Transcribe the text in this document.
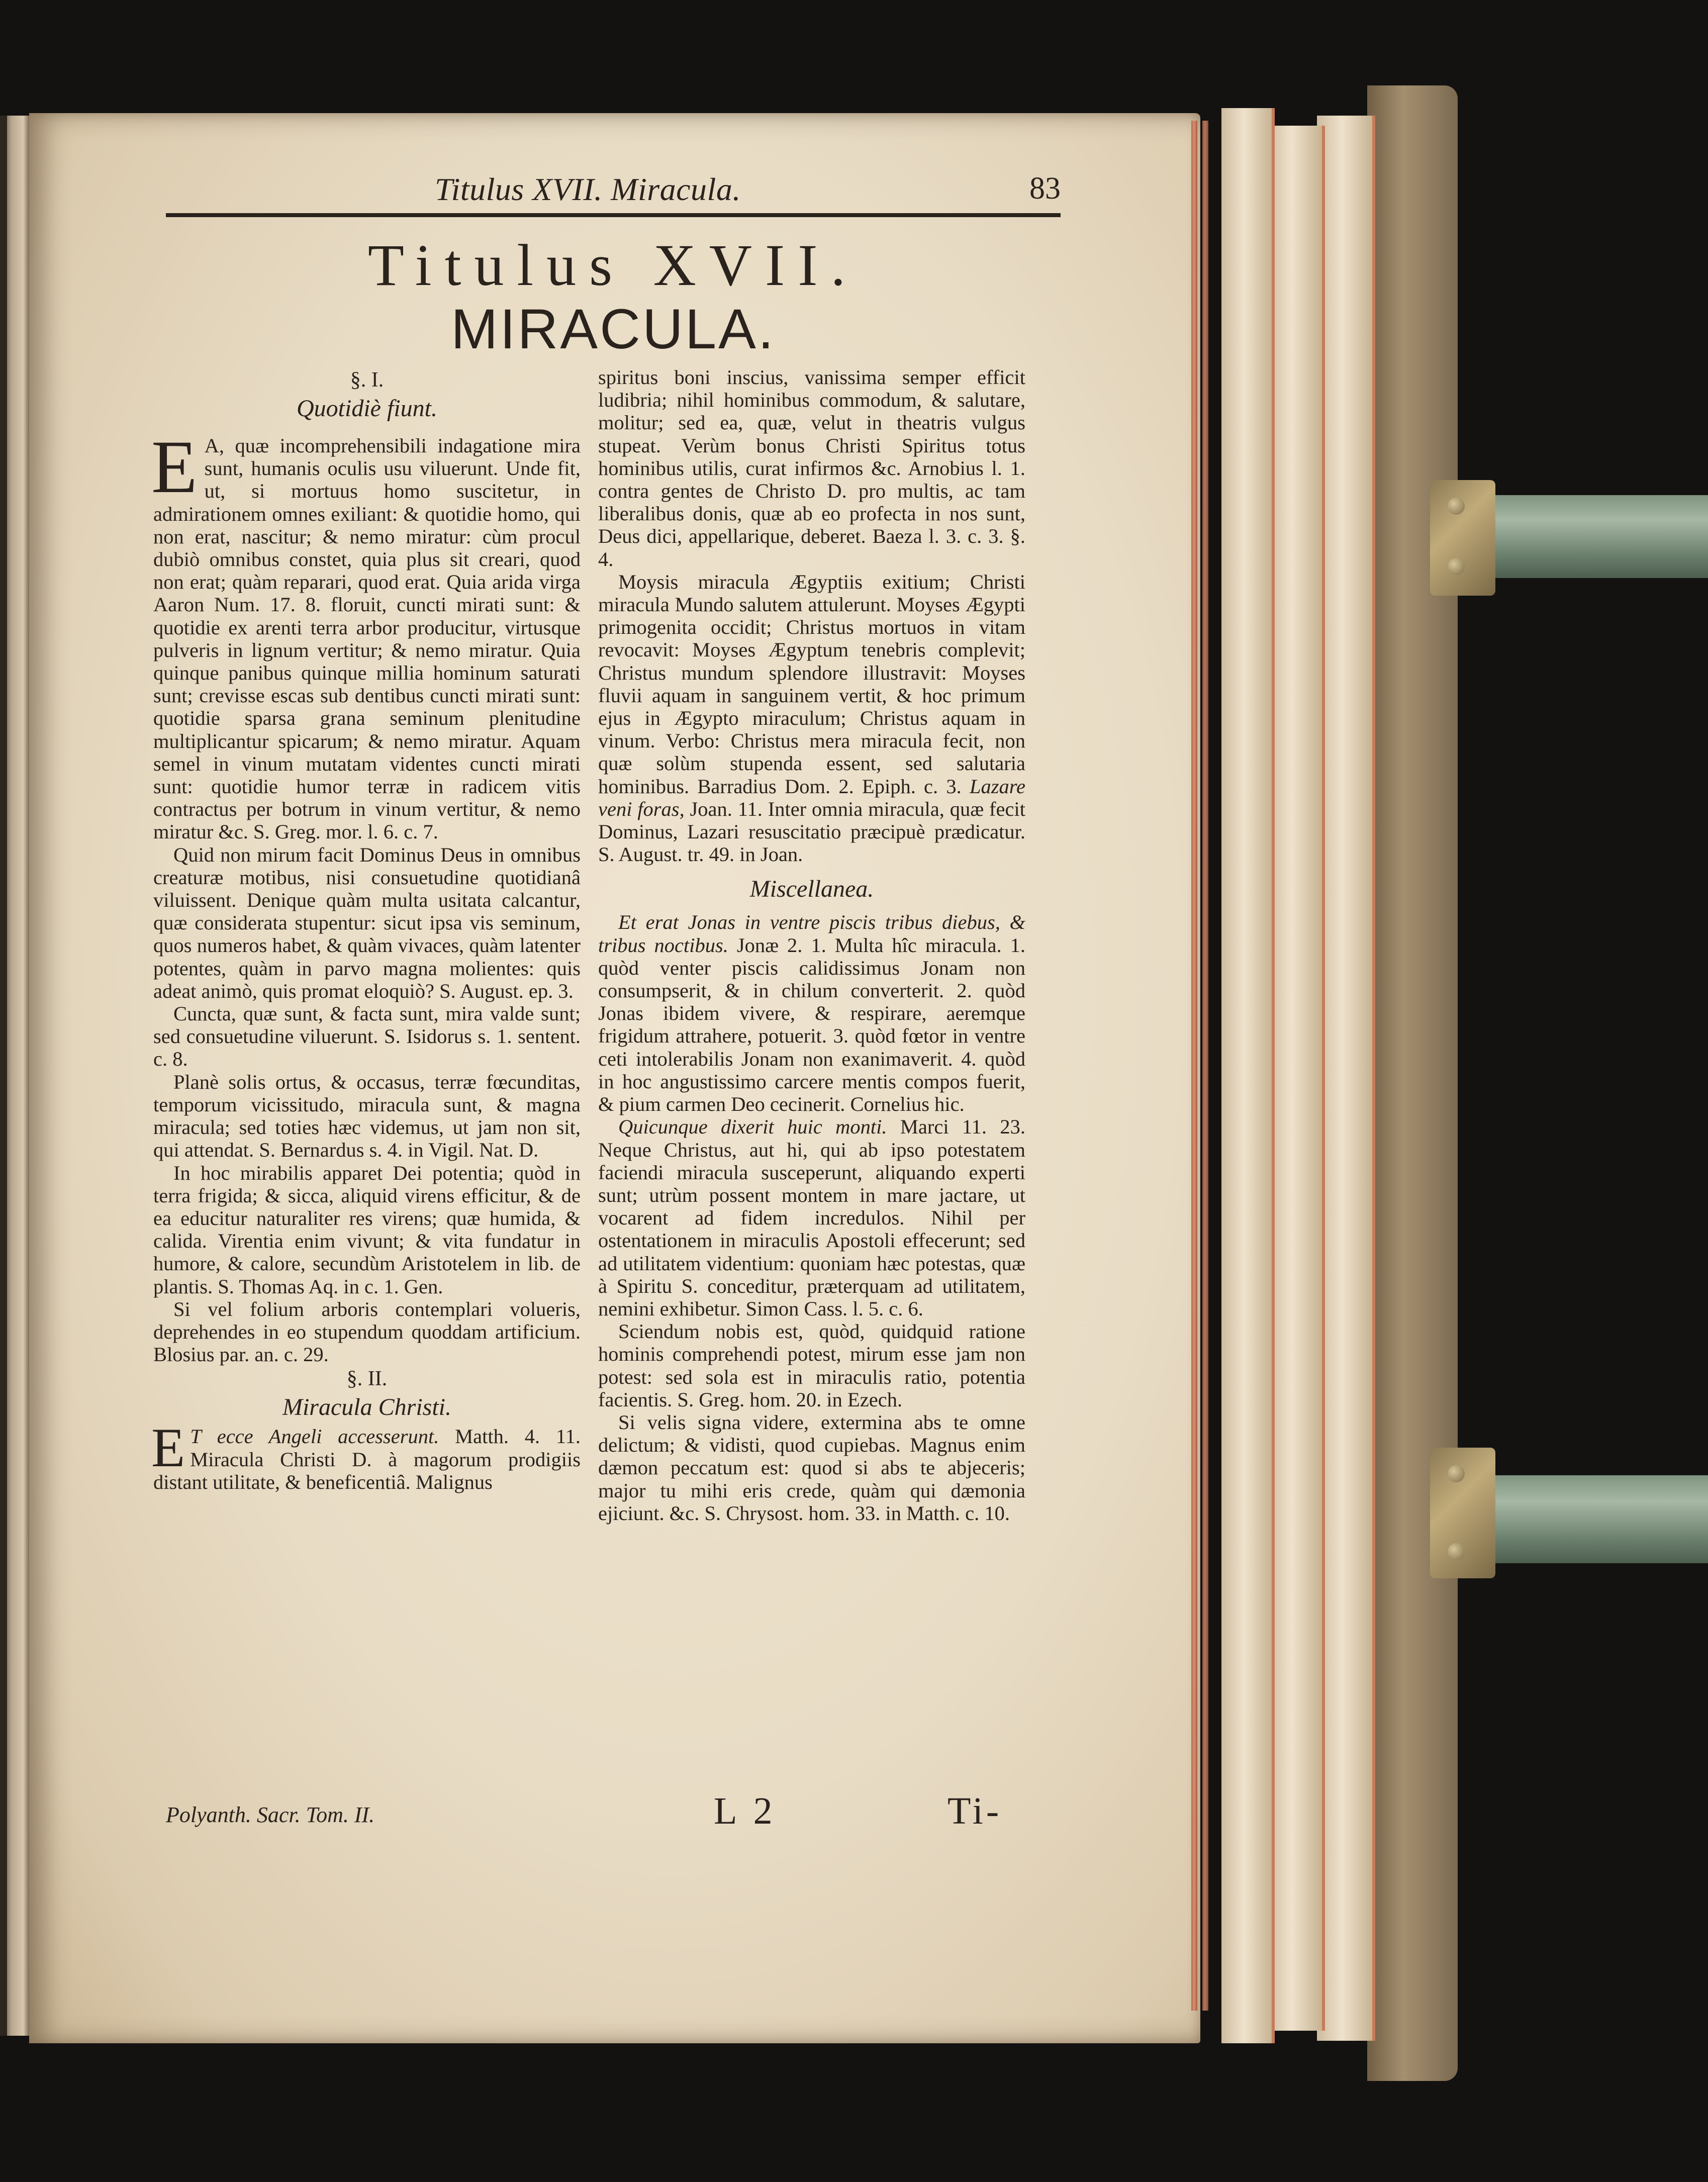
Titulus XVII. Miracula.	83
Titulus XVII.
MIRACULA.
§. I.
Quotidiè fiunt.

E A, quæ incomprehensibili indagatione mira sunt, humanis oculis usu viluerunt. Unde fit, ut, si mortuus homo suscitetur, in admirationem omnes exiliant: & quotidie homo, qui non erat, nascitur; & nemo miratur: cùm procul dubiò omnibus constet, quia plus sit creari, quod non erat; quàm reparari, quod erat. Quia arida virga Aaron Num. 17. 8. floruit, cuncti mirati sunt: & quotidie ex arenti terra arbor producitur, virtusque pulveris in lignum vertitur; & nemo miratur. Quia quinque panibus quinque millia hominum saturati sunt; crevisse escas sub dentibus cuncti mirati sunt: quotidie sparsa grana seminum plenitudine multiplicantur spicarum; & nemo miratur. Aquam semel in vinum mutatam videntes cuncti mirati sunt: quotidie humor terræ in radicem vitis contractus per botrum in vinum vertitur, & nemo miratur &c. S. Greg. mor. l. 6. c. 7.

Quid non mirum facit Dominus Deus in omnibus creaturæ motibus, nisi consuetudine quotidianâ viluissent. Denique quàm multa usitata calcantur, quæ considerata stupentur: sicut ipsa vis seminum, quos numeros habet, & quàm vivaces, quàm latenter potentes, quàm in parvo magna molientes: quis adeat animò, quis promat eloquiò? S. August. ep. 3.

Cuncta, quæ sunt, & facta sunt, mira valde sunt; sed consuetudine viluerunt. S. Isidorus s. 1. sentent. c. 8.

Planè solis ortus, & occasus, terræ fœcunditas, temporum vicissitudo, miracula sunt, & magna miracula; sed toties hæc videmus, ut jam non sit, qui attendat. S. Bernardus s. 4. in Vigil. Nat. D.

In hoc mirabilis apparet Dei potentia; quòd in terra frigida; & sicca, aliquid virens efficitur, & de ea educitur naturaliter res virens; quæ humida, & calida. Virentia enim vivunt; & vita fundatur in humore, & calore, secundùm Aristotelem in lib. de plantis. S. Thomas Aq. in c. 1. Gen.

Si vel folium arboris contemplari volueris, deprehendes in eo stupendum quoddam artificium. Blosius par. an. c. 29.

§. II.
Miracula Christi.

E T ecce Angeli accesserunt. Matth. 4. 11. Miracula Christi D. à magorum prodigiis distant utilitate, & beneficentiâ. Malignus

spiritus boni inscius, vanissima semper efficit ludibria; nihil hominibus commodum, & salutare, molitur; sed ea, quæ, velut in theatris vulgus stupeat. Verùm bonus Christi Spiritus totus hominibus utilis, curat infirmos &c. Arnobius l. 1. contra gentes de Christo D. pro multis, ac tam liberalibus donis, quæ ab eo profecta in nos sunt, Deus dici, appellarique, deberet. Baeza l. 3. c. 3. §. 4.

Moysis miracula Ægyptiis exitium; Christi miracula Mundo salutem attulerunt. Moyses Ægypti primogenita occidit; Christus mortuos in vitam revocavit: Moyses Ægyptum tenebris complevit; Christus mundum splendore illustravit: Moyses fluvii aquam in sanguinem vertit, & hoc primum ejus in Ægypto miraculum; Christus aquam in vinum. Verbo: Christus mera miracula fecit, non quæ solùm stupenda essent, sed salutaria hominibus. Barradius Dom. 2. Epiph. c. 3. Lazare veni foras, Joan. 11. Inter omnia miracula, quæ fecit Dominus, Lazari resuscitatio præcipuè prædicatur. S. August. tr. 49. in Joan.

Miscellanea.

Et erat Jonas in ventre piscis tribus diebus, & tribus noctibus. Jonæ 2. 1. Multa hîc miracula. 1. quòd venter piscis calidissimus Jonam non consumpserit, & in chilum converterit. 2. quòd Jonas ibidem vivere, & respirare, aeremque frigidum attrahere, potuerit. 3. quòd fœtor in ventre ceti intolerabilis Jonam non exanimaverit. 4. quòd in hoc angustissimo carcere mentis compos fuerit, & pium carmen Deo cecinerit. Cornelius hic.

Quicunque dixerit huic monti. Marci 11. 23. Neque Christus, aut hi, qui ab ipso potestatem faciendi miracula susceperunt, aliquando experti sunt; utrùm possent montem in mare jactare, ut vocarent ad fidem incredulos. Nihil per ostentationem in miraculis Apostoli effecerunt; sed ad utilitatem videntium: quoniam hæc potestas, quæ à Spiritu S. conceditur, præterquam ad utilitatem, nemini exhibetur. Simon Cass. l. 5. c. 6.

Sciendum nobis est, quòd, quidquid ratione hominis comprehendi potest, mirum esse jam non potest: sed sola est in miraculis ratio, potentia facientis. S. Greg. hom. 20. in Ezech.

Si velis signa videre, extermina abs te omne delictum; & vidisti, quod cupiebas. Magnus enim dæmon peccatum est: quod si abs te abjeceris; major tu mihi eris crede, quàm qui dæmonia ejiciunt. &c. S. Chrysost. hom. 33. in Matth. c. 10.

Polyanth. Sacr. Tom. II.	L 2	Ti-
